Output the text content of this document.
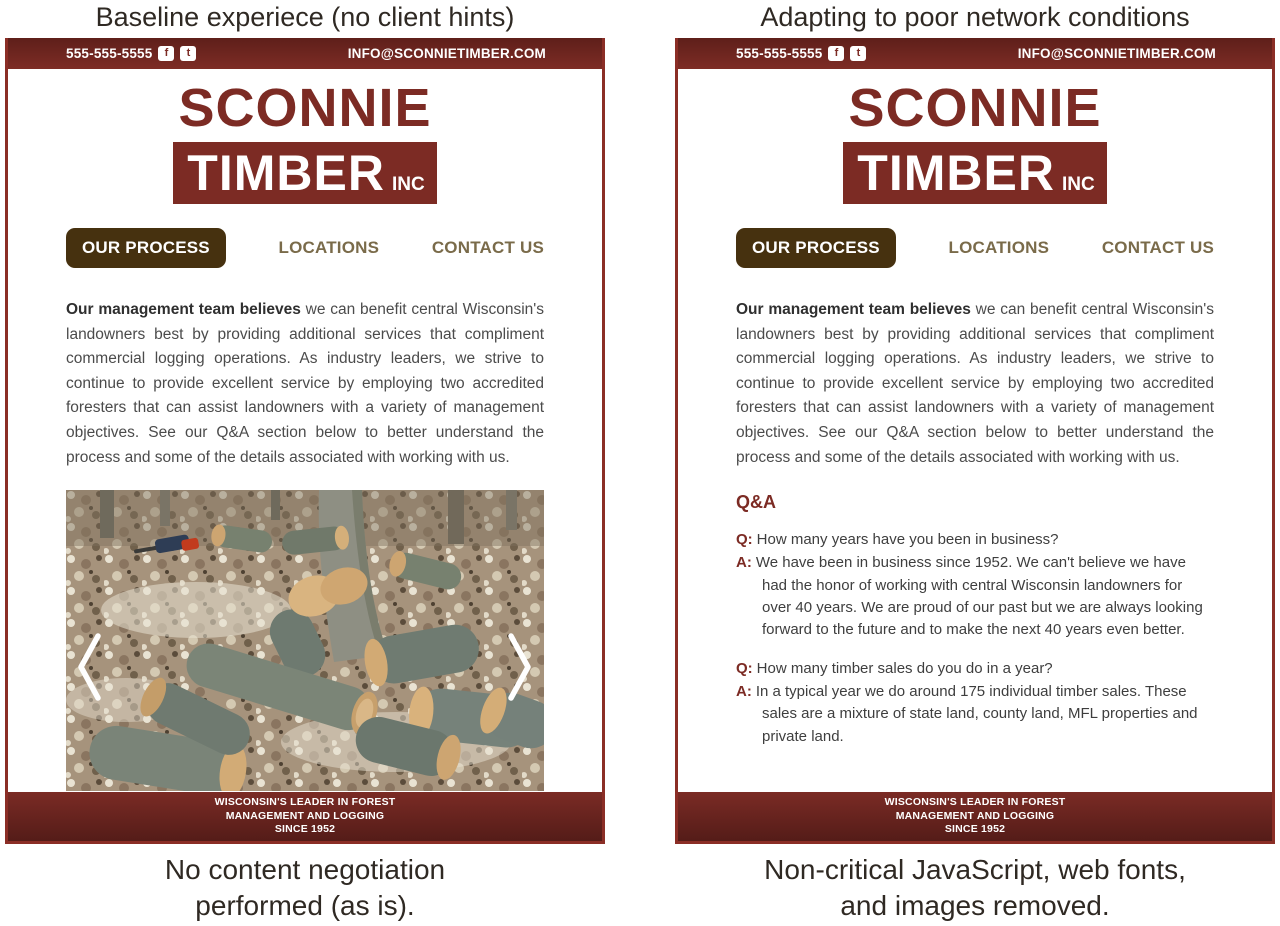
Baseline experiece (no client hints)
555-555-5555	f	t	INFO@SCONNIETIMBER.COM
SCONNIE
TIMBER INC
OUR PROCESS	LOCATIONS	CONTACT US

Our management team believes we can benefit central Wisconsin's landowners best by providing additional services that compliment commercial logging operations. As industry leaders, we strive to continue to provide excellent service by employing two accredited foresters that can assist landowners with a variety of management objectives. See our Q&A section below to better understand the process and some of the details associated with working with us.

WISCONSIN'S LEADER IN FOREST
MANAGEMENT AND LOGGING
SINCE 1952
No content negotiation
performed (as is).
Adapting to poor network conditions
555-555-5555	f	t	INFO@SCONNIETIMBER.COM
SCONNIE
TIMBER INC
OUR PROCESS	LOCATIONS	CONTACT US

Our management team believes we can benefit central Wisconsin's landowners best by providing additional services that compliment commercial logging operations. As industry leaders, we strive to continue to provide excellent service by employing two accredited foresters that can assist landowners with a variety of management objectives. See our Q&A section below to better understand the process and some of the details associated with working with us.

Q&A
Q: How many years have you been in business?
A: We have been in business since 1952. We can't believe we have had the honor of working with central Wisconsin landowners for over 40 years. We are proud of our past but we are always looking forward to the future and to make the next 40 years even better.
Q: How many timber sales do you do in a year?
A: In a typical year we do around 175 individual timber sales. These sales are a mixture of state land, county land, MFL properties and private land.
WISCONSIN'S LEADER IN FOREST
MANAGEMENT AND LOGGING
SINCE 1952
Non-critical JavaScript, web fonts,
and images removed.
